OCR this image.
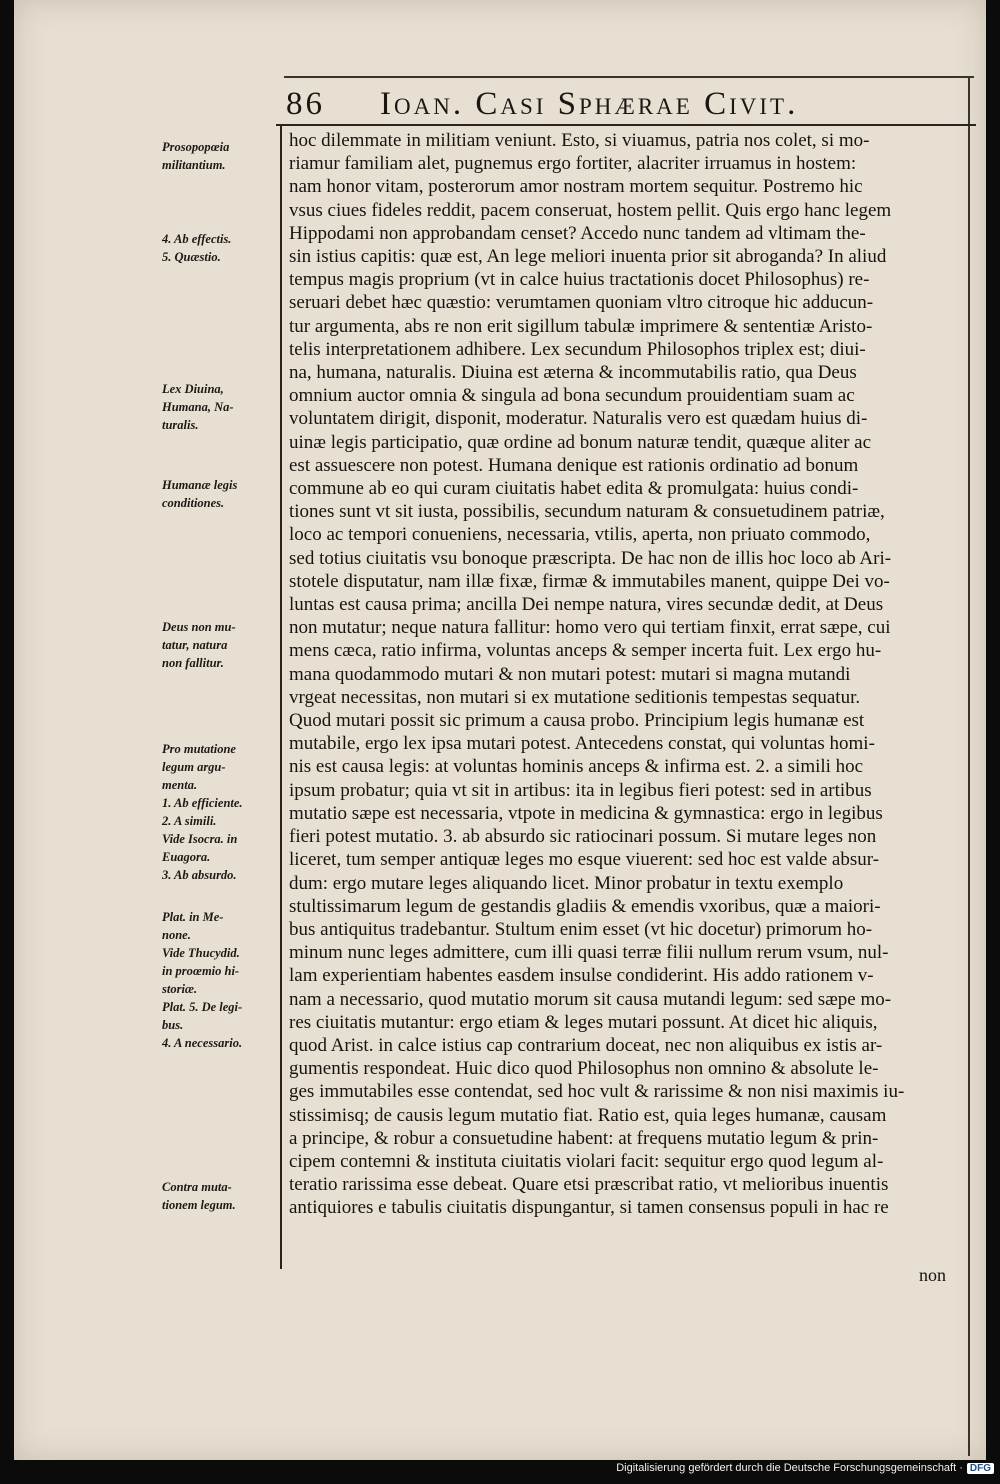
86 Ioan. Casi Sphærae Civit.
Prosopopœia
militantium.
4. Ab effectis.
5. Quæstio.
Lex Diuina,
Humana, Na-
turalis.
Humanæ legis
conditiones.
Deus non mu-
tatur, natura
non fallitur.
Pro mutatione
legum argu-
menta.
1. Ab efficiente.
2. A simili.
Vide Isocra. in
Euagora.
3. Ab absurdo.
Plat. in Me-
none.
Vide Thucydid.
in proœmio hi-
storiæ.
Plat. 5. De legi-
bus.
4. A necessario.
Contra muta-
tionem legum.
hoc dilemmate in militiam veniunt. Esto, si viuamus, patria nos colet, si mo-
riamur familiam alet, pugnemus ergo fortiter, alacriter irruamus in hostem:
nam honor vitam, posterorum amor nostram mortem sequitur. Postremo hic
vsus ciues fideles reddit, pacem conseruat, hostem pellit. Quis ergo hanc legem
Hippodami non approbandam censet? Accedo nunc tandem ad vltimam the-
sin istius capitis: quæ est, An lege meliori inuenta prior sit abroganda? In aliud
tempus magis proprium (vt in calce huius tractationis docet Philosophus) re-
seruari debet hæc quæstio: verumtamen quoniam vltro citroque hic adducun-
tur argumenta, abs re non erit sigillum tabulæ imprimere & sententiæ Aristo-
telis interpretationem adhibere. Lex secundum Philosophos triplex est; diui-
na, humana, naturalis. Diuina est æterna & incommutabilis ratio, qua Deus
omnium auctor omnia & singula ad bona secundum prouidentiam suam ac
voluntatem dirigit, disponit, moderatur. Naturalis vero est quædam huius di-
uinæ legis participatio, quæ ordine ad bonum naturæ tendit, quæque aliter ac
est assuescere non potest. Humana denique est rationis ordinatio ad bonum
commune ab eo qui curam ciuitatis habet edita & promulgata: huius condi-
tiones sunt vt sit iusta, possibilis, secundum naturam & consuetudinem patriæ,
loco ac tempori conueniens, necessaria, vtilis, aperta, non priuato commodo,
sed totius ciuitatis vsu bonoque præscripta. De hac non de illis hoc loco ab Ari-
stotele disputatur, nam illæ fixæ, firmæ & immutabiles manent, quippe Dei vo-
luntas est causa prima; ancilla Dei nempe natura, vires secundæ dedit, at Deus
non mutatur; neque natura fallitur: homo vero qui tertiam finxit, errat sæpe, cui
mens cæca, ratio infirma, voluntas anceps & semper incerta fuit. Lex ergo hu-
mana quodammodo mutari & non mutari potest: mutari si magna mutandi
vrgeat necessitas, non mutari si ex mutatione seditionis tempestas sequatur.
Quod mutari possit sic primum a causa probo. Principium legis humanæ est
mutabile, ergo lex ipsa mutari potest. Antecedens constat, qui voluntas homi-
nis est causa legis: at voluntas hominis anceps & infirma est. 2. a simili hoc
ipsum probatur; quia vt sit in artibus: ita in legibus fieri potest: sed in artibus
mutatio sæpe est necessaria, vtpote in medicina & gymnastica: ergo in legibus
fieri potest mutatio. 3. ab absurdo sic ratiocinari possum. Si mutare leges non
liceret, tum semper antiquæ leges mo esque viuerent: sed hoc est valde absur-
dum: ergo mutare leges aliquando licet. Minor probatur in textu exemplo
stultissimarum legum de gestandis gladiis & emendis vxoribus, quæ a maiori-
bus antiquitus tradebantur. Stultum enim esset (vt hic docetur) primorum ho-
minum nunc leges admittere, cum illi quasi terræ filii nullum rerum vsum, nul-
lam experientiam habentes easdem insulse condiderint. His addo rationem v-
nam a necessario, quod mutatio morum sit causa mutandi legum: sed sæpe mo-
res ciuitatis mutantur: ergo etiam & leges mutari possunt. At dicet hic aliquis,
quod Arist. in calce istius cap contrarium doceat, nec non aliquibus ex istis ar-
gumentis respondeat. Huic dico quod Philosophus non omnino & absolute le-
ges immutabiles esse contendat, sed hoc vult & rarissime & non nisi maximis iu-
stissimisq; de causis legum mutatio fiat. Ratio est, quia leges humanæ, causam
a principe, & robur a consuetudine habent: at frequens mutatio legum & prin-
cipem contemni & instituta ciuitatis violari facit: sequitur ergo quod legum al-
teratio rarissima esse debeat. Quare etsi præscribat ratio, vt melioribus inuentis
antiquiores e tabulis ciuitatis dispungantur, si tamen consensus populi in hac re
non
Digitalisierung gefördert durch die Deutsche Forschungsgemeinschaft · DFG
